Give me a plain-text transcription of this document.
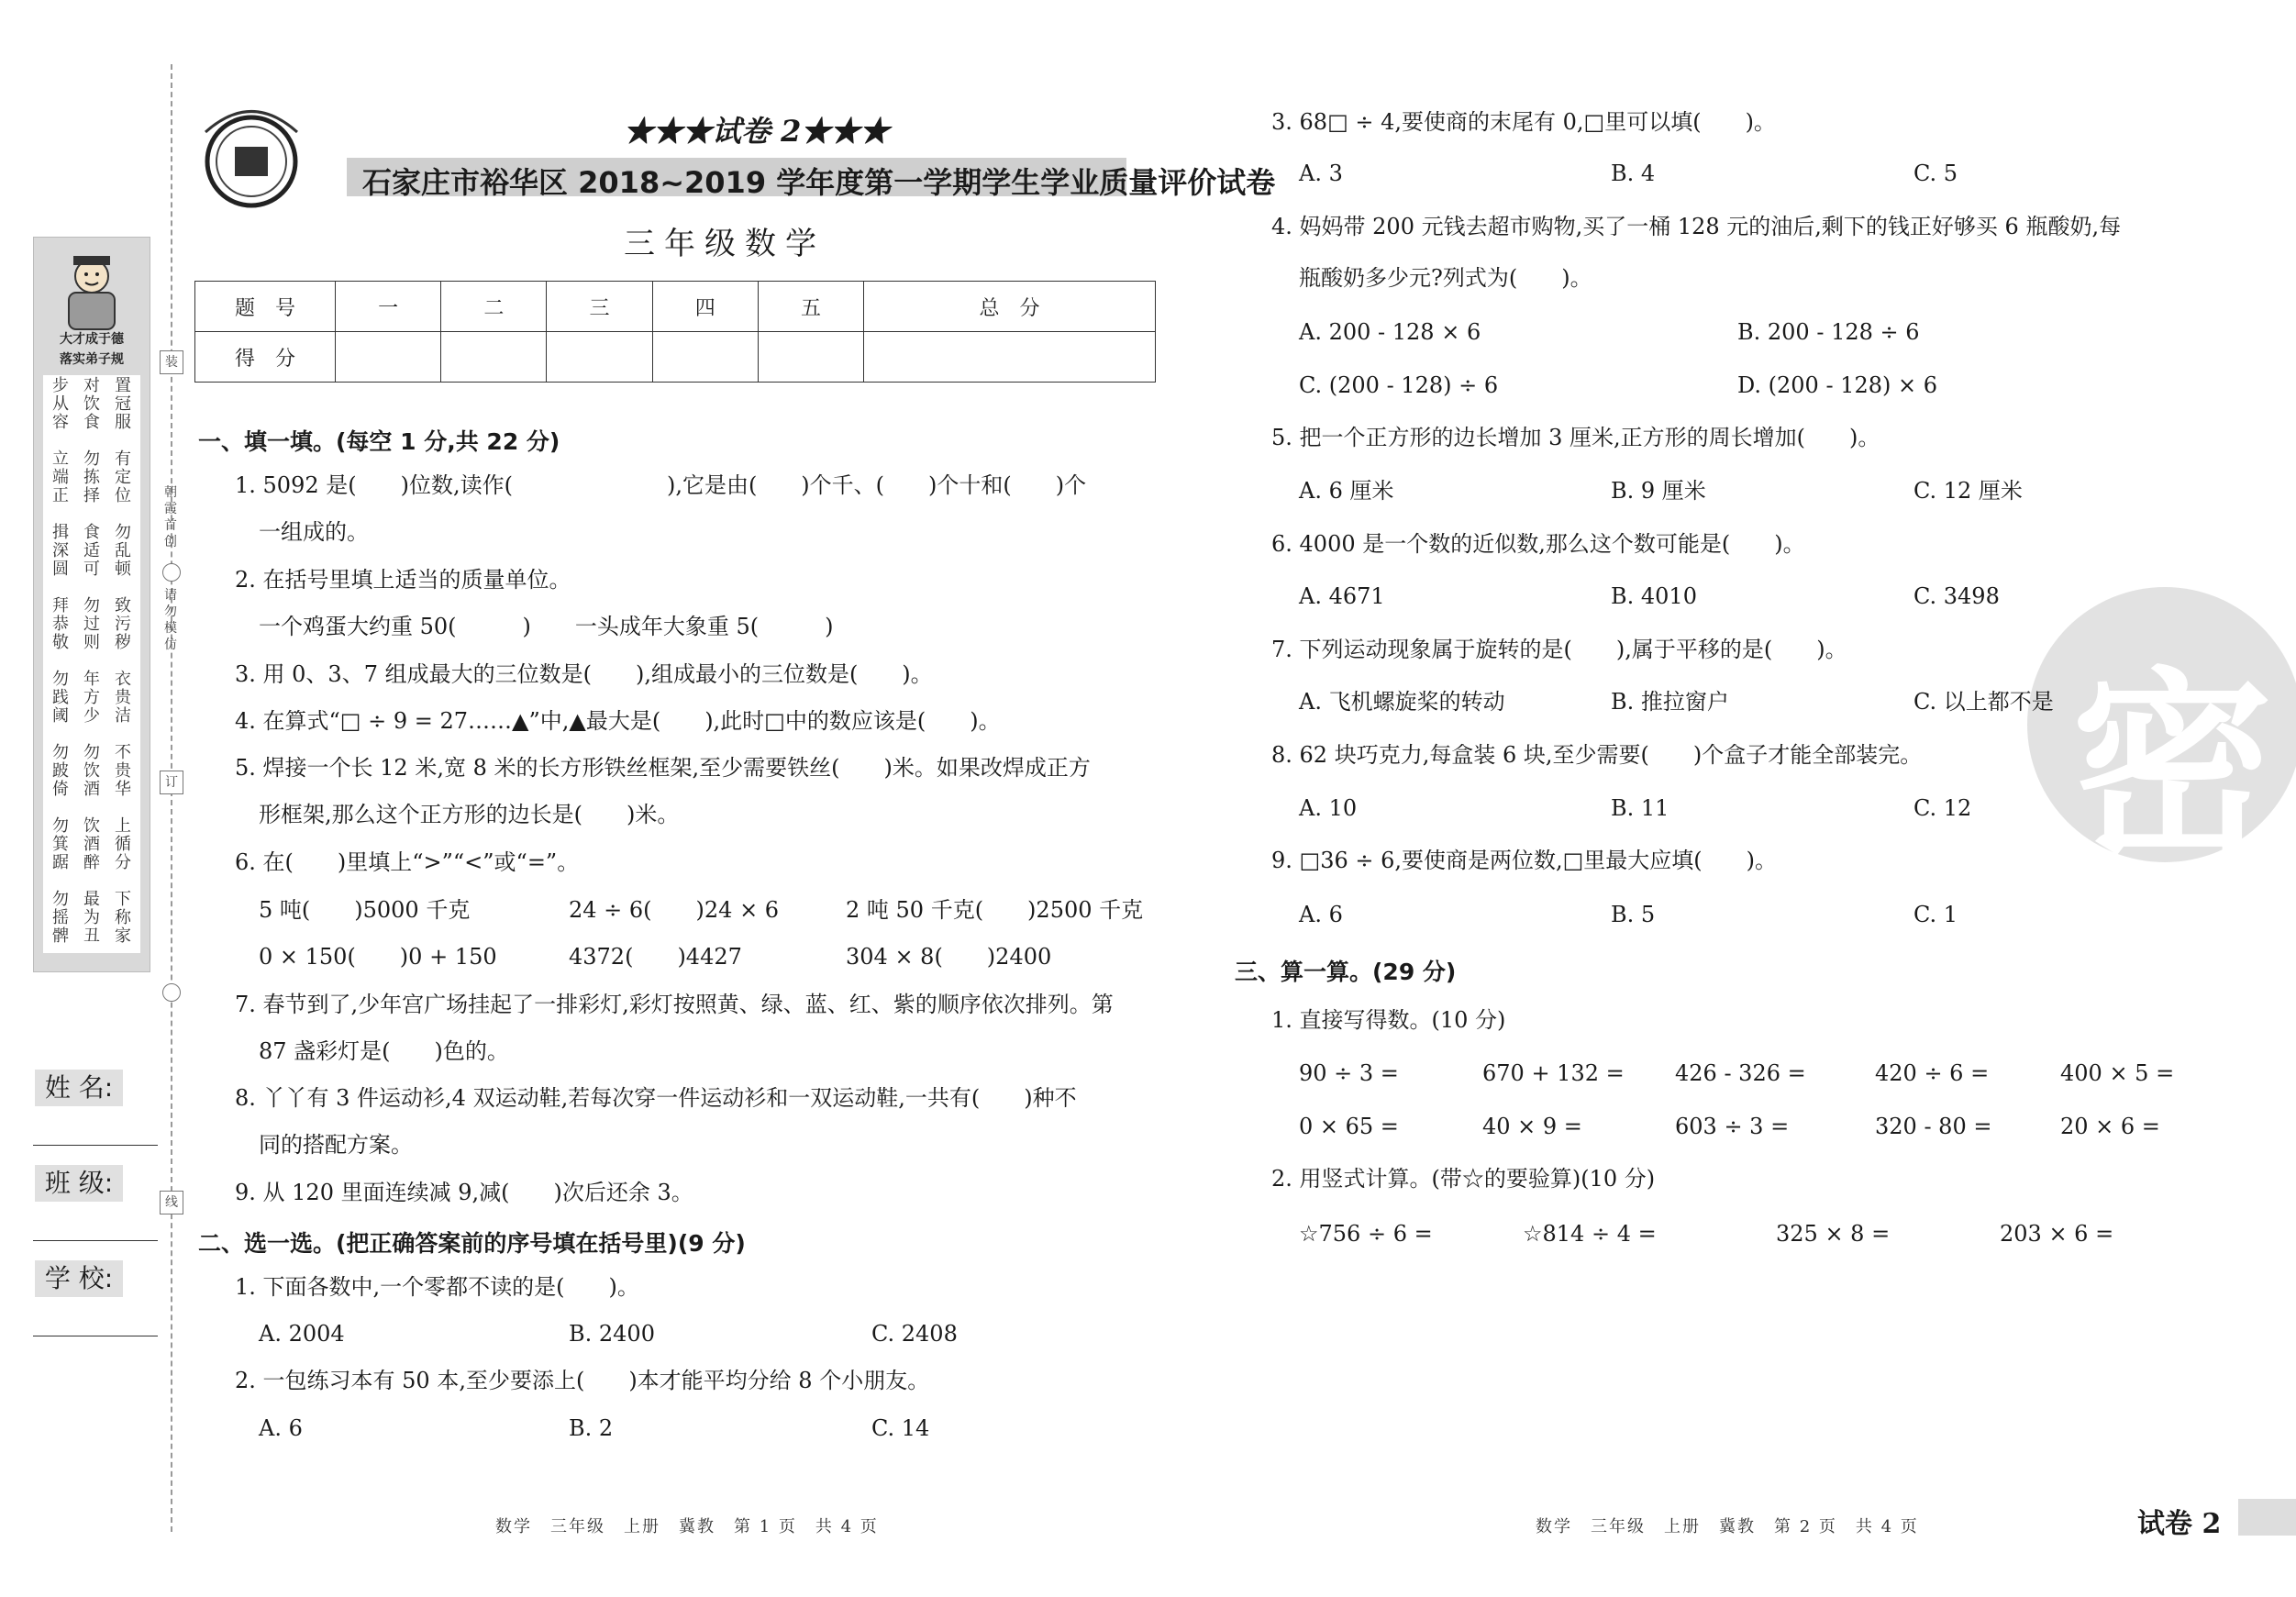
大才成于德
落实弟子规
步
从
容

立
端
正

揖
深
圆

拜
恭
敬

勿
践
阈

勿
跛
倚

勿
箕
踞

勿
摇
髀
对
饮
食

勿
拣
择

食
适
可

勿
过
则

年
方
少

勿
饮
酒

饮
酒
醉

最
为
丑
置
冠
服

有
定
位

勿
乱
顿

致
污
秽

衣
贵
洁

不
贵
华

上
循
分

下
称
家
装
订
线
朝
霞
首
创
请
勿
模
仿
姓 名:
班 级:
学 校:
★★★试卷 2★★★
石家庄市裕华区 2018~2019 学年度第一学期学生学业质量评价试卷
三年级数学
题　号	一	二	三	四	五	总　分
得　分						
一、填一填。(每空 1 分,共 22 分)
1. 5092 是(　　)位数,读作(　　　　　　　),它是由(　　)个千、(　　)个十和(　　)个
一组成的。
2. 在括号里填上适当的质量单位。
一个鸡蛋大约重 50(　　　)　　一头成年大象重 5(　　　)
3. 用 0、3、7 组成最大的三位数是(　　),组成最小的三位数是(　　)。
4. 在算式“□ ÷ 9 = 27……▲”中,▲最大是(　　),此时□中的数应该是(　　)。
5. 焊接一个长 12 米,宽 8 米的长方形铁丝框架,至少需要铁丝(　　)米。如果改焊成正方
形框架,那么这个正方形的边长是(　　)米。
6. 在(　　)里填上“>”“<”或“=”。
5 吨(　　)5000 千克	24 ÷ 6(　　)24 × 6	2 吨 50 千克(　　)2500 千克
0 × 150(　　)0 + 150	4372(　　)4427	304 × 8(　　)2400
7. 春节到了,少年宫广场挂起了一排彩灯,彩灯按照黄、绿、蓝、红、紫的顺序依次排列。第
87 盏彩灯是(　　)色的。
8. 丫丫有 3 件运动衫,4 双运动鞋,若每次穿一件运动衫和一双运动鞋,一共有(　　)种不
同的搭配方案。
9. 从 120 里面连续减 9,减(　　)次后还余 3。
二、选一选。(把正确答案前的序号填在括号里)(9 分)
1. 下面各数中,一个零都不读的是(　　)。
A. 2004	B. 2400	C. 2408
2. 一包练习本有 50 本,至少要添上(　　)本才能平均分给 8 个小朋友。
A. 6	B. 2	C. 14
数学　三年级　上册　冀教　第 1 页　共 4 页
密
3. 68□ ÷ 4,要使商的末尾有 0,□里可以填(　　)。
A. 3	B. 4	C. 5
4. 妈妈带 200 元钱去超市购物,买了一桶 128 元的油后,剩下的钱正好够买 6 瓶酸奶,每
瓶酸奶多少元?列式为(　　)。
A. 200 - 128 × 6	B. 200 - 128 ÷ 6
C. (200 - 128) ÷ 6	D. (200 - 128) × 6
5. 把一个正方形的边长增加 3 厘米,正方形的周长增加(　　)。
A. 6 厘米	B. 9 厘米	C. 12 厘米
6. 4000 是一个数的近似数,那么这个数可能是(　　)。
A. 4671	B. 4010	C. 3498
7. 下列运动现象属于旋转的是(　　),属于平移的是(　　)。
A. 飞机螺旋桨的转动	B. 推拉窗户	C. 以上都不是
8. 62 块巧克力,每盒装 6 块,至少需要(　　)个盒子才能全部装完。
A. 10	B. 11	C. 12
9. □36 ÷ 6,要使商是两位数,□里最大应填(　　)。
A. 6	B. 5	C. 1
三、算一算。(29 分)
1. 直接写得数。(10 分)
90 ÷ 3 =	670 + 132 = 426 - 326 =	420 ÷ 6 =	400 × 5 =
0 × 65 =	40 × 9 =	603 ÷ 3 =	320 - 80 =	20 × 6 =
2. 用竖式计算。(带☆的要验算)(10 分)
☆756 ÷ 6 =	☆814 ÷ 4 =	325 × 8 =	203 × 6 =
数学　三年级　上册　冀教　第 2 页　共 4 页	试卷 2
